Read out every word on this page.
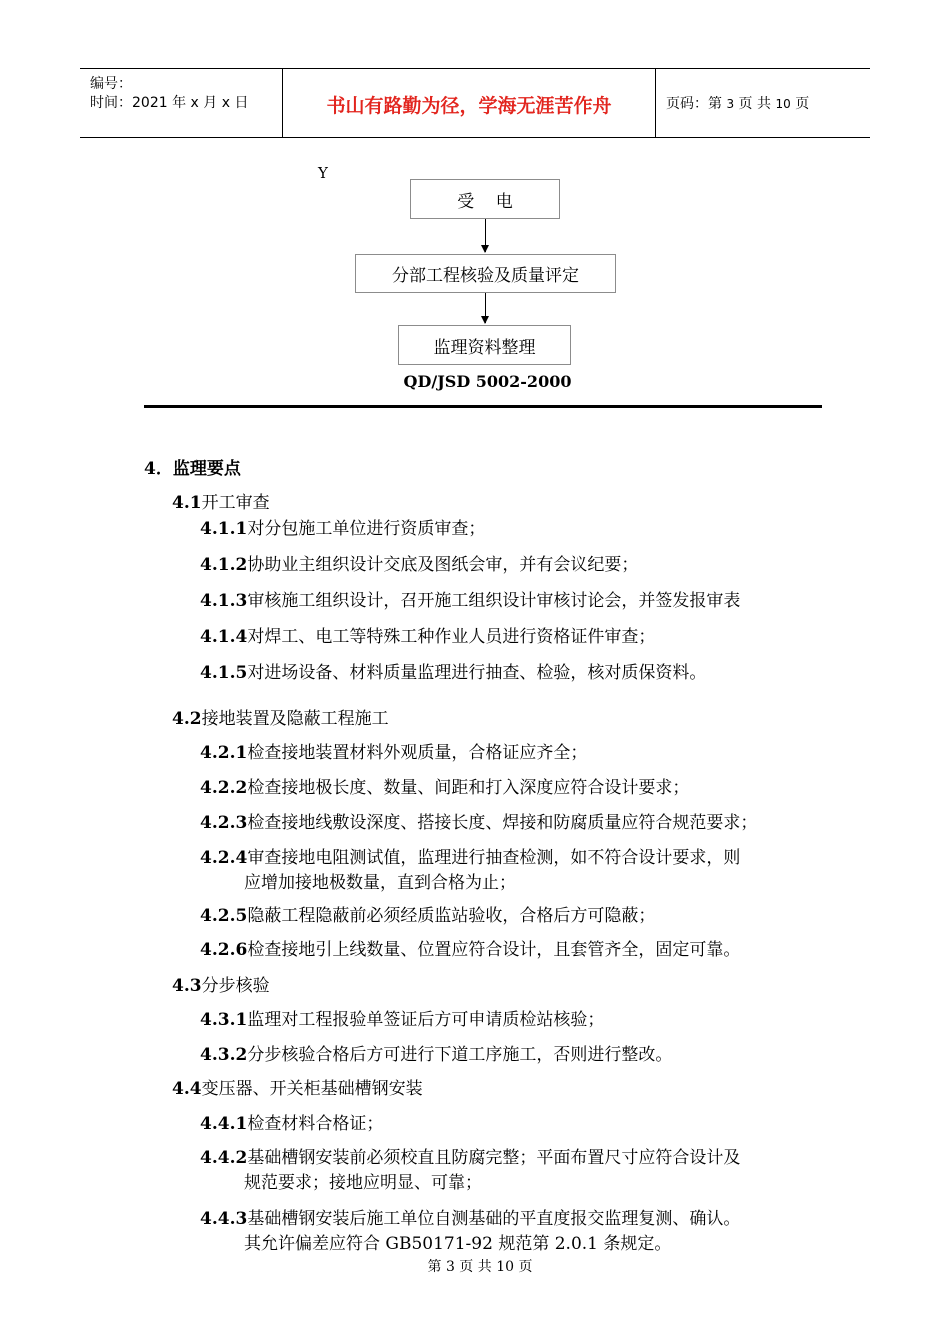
编号：
时间：2021 年 x 月 x 日	书山有路勤为径，学海无涯苦作舟	页码：第 3 页 共 10 页
Y
受    电
分部工程核验及质量评定
监理资料整理
QD/JSD 5002-2000
4．监理要点
4.1开工审查
4.1.1对分包施工单位进行资质审查；
4.1.2协助业主组织设计交底及图纸会审，并有会议纪要；
4.1.3审核施工组织设计，召开施工组织设计审核讨论会，并签发报审表
4.1.4对焊工、电工等特殊工种作业人员进行资格证件审查；
4.1.5对进场设备、材料质量监理进行抽查、检验，核对质保资料。
4.2接地装置及隐蔽工程施工
4.2.1检查接地装置材料外观质量，合格证应齐全；
4.2.2检查接地极长度、数量、间距和打入深度应符合设计要求；
4.2.3检查接地线敷设深度、搭接长度、焊接和防腐质量应符合规范要求；
4.2.4审查接地电阻测试值，监理进行抽查检测，如不符合设计要求，则
应增加接地极数量，直到合格为止；
4.2.5隐蔽工程隐蔽前必须经质监站验收，合格后方可隐蔽；
4.2.6检查接地引上线数量、位置应符合设计，且套管齐全，固定可靠。
4.3分步核验
4.3.1监理对工程报验单签证后方可申请质检站核验；
4.3.2分步核验合格后方可进行下道工序施工，否则进行整改。
4.4变压器、开关柜基础槽钢安装
4.4.1检查材料合格证；
4.4.2基础槽钢安装前必须校直且防腐完整；平面布置尺寸应符合设计及
规范要求；接地应明显、可靠；
4.4.3基础槽钢安装后施工单位自测基础的平直度报交监理复测、确认。
其允许偏差应符合 GB50171-92 规范第 2.0.1 条规定。
第 3 页 共 10 页
